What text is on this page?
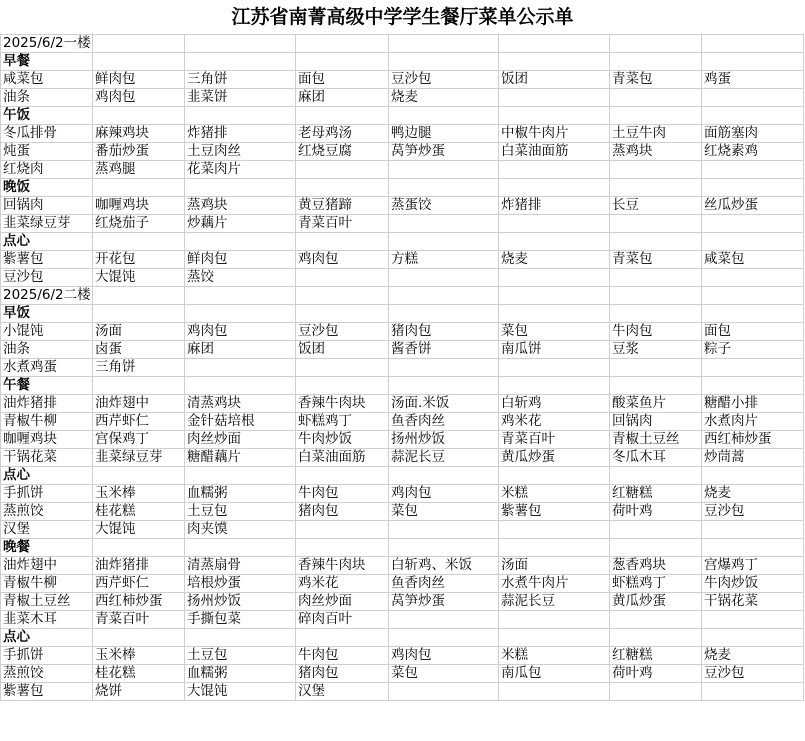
江苏省南菁高级中学学生餐厅菜单公示单
2025/6/2一楼							
早餐							
咸菜包	鲜肉包	三角饼	面包	豆沙包	饭团	青菜包	鸡蛋
油条	鸡肉包	韭菜饼	麻团	烧麦			
午饭							
冬瓜排骨	麻辣鸡块	炸猪排	老母鸡汤	鸭边腿	中椒牛肉片	土豆牛肉	面筋塞肉
炖蛋	番茄炒蛋	土豆肉丝	红烧豆腐	莴笋炒蛋	白菜油面筋	蒸鸡块	红烧素鸡
红烧肉	蒸鸡腿	花菜肉片					
晚饭							
回锅肉	咖喱鸡块	蒸鸡块	黄豆猪蹄	蒸蛋饺	炸猪排	长豆	丝瓜炒蛋
韭菜绿豆芽	红烧茄子	炒藕片	青菜百叶				
点心							
紫薯包	开花包	鲜肉包	鸡肉包	方糕	烧麦	青菜包	咸菜包
豆沙包	大馄饨	蒸饺					
2025/6/2二楼							
早饭							
小馄饨	汤面	鸡肉包	豆沙包	猪肉包	菜包	牛肉包	面包
油条	卤蛋	麻团	饭团	酱香饼	南瓜饼	豆浆	粽子
水煮鸡蛋	三角饼						
午餐							
油炸猪排	油炸翅中	清蒸鸡块	香辣牛肉块	汤面.米饭	白斩鸡	酸菜鱼片	糖醋小排
青椒牛柳	西芹虾仁	金针菇培根	虾糕鸡丁	鱼香肉丝	鸡米花	回锅肉	水煮肉片
咖喱鸡块	宫保鸡丁	肉丝炒面	牛肉炒饭	扬州炒饭	青菜百叶	青椒土豆丝	西红柿炒蛋
干锅花菜	韭菜绿豆芽	糖醋藕片	白菜油面筋	蒜泥长豆	黄瓜炒蛋	冬瓜木耳	炒茼蒿
点心							
手抓饼	玉米棒	血糯粥	牛肉包	鸡肉包	米糕	红糖糕	烧麦
蒸煎饺	桂花糕	土豆包	猪肉包	菜包	紫薯包	荷叶鸡	豆沙包
汉堡	大馄饨	肉夹馍					
晚餐							
油炸翅中	油炸猪排	清蒸扇骨	香辣牛肉块	白斩鸡、米饭	汤面	葱香鸡块	宫爆鸡丁
青椒牛柳	西芹虾仁	培根炒蛋	鸡米花	鱼香肉丝	水煮牛肉片	虾糕鸡丁	牛肉炒饭
青椒土豆丝	西红柿炒蛋	扬州炒饭	肉丝炒面	莴笋炒蛋	蒜泥长豆	黄瓜炒蛋	干锅花菜
韭菜木耳	青菜百叶	手撕包菜	碎肉百叶				
点心							
手抓饼	玉米棒	土豆包	牛肉包	鸡肉包	米糕	红糖糕	烧麦
蒸煎饺	桂花糕	血糯粥	猪肉包	菜包	南瓜包	荷叶鸡	豆沙包
紫薯包	烧饼	大馄饨	汉堡				
